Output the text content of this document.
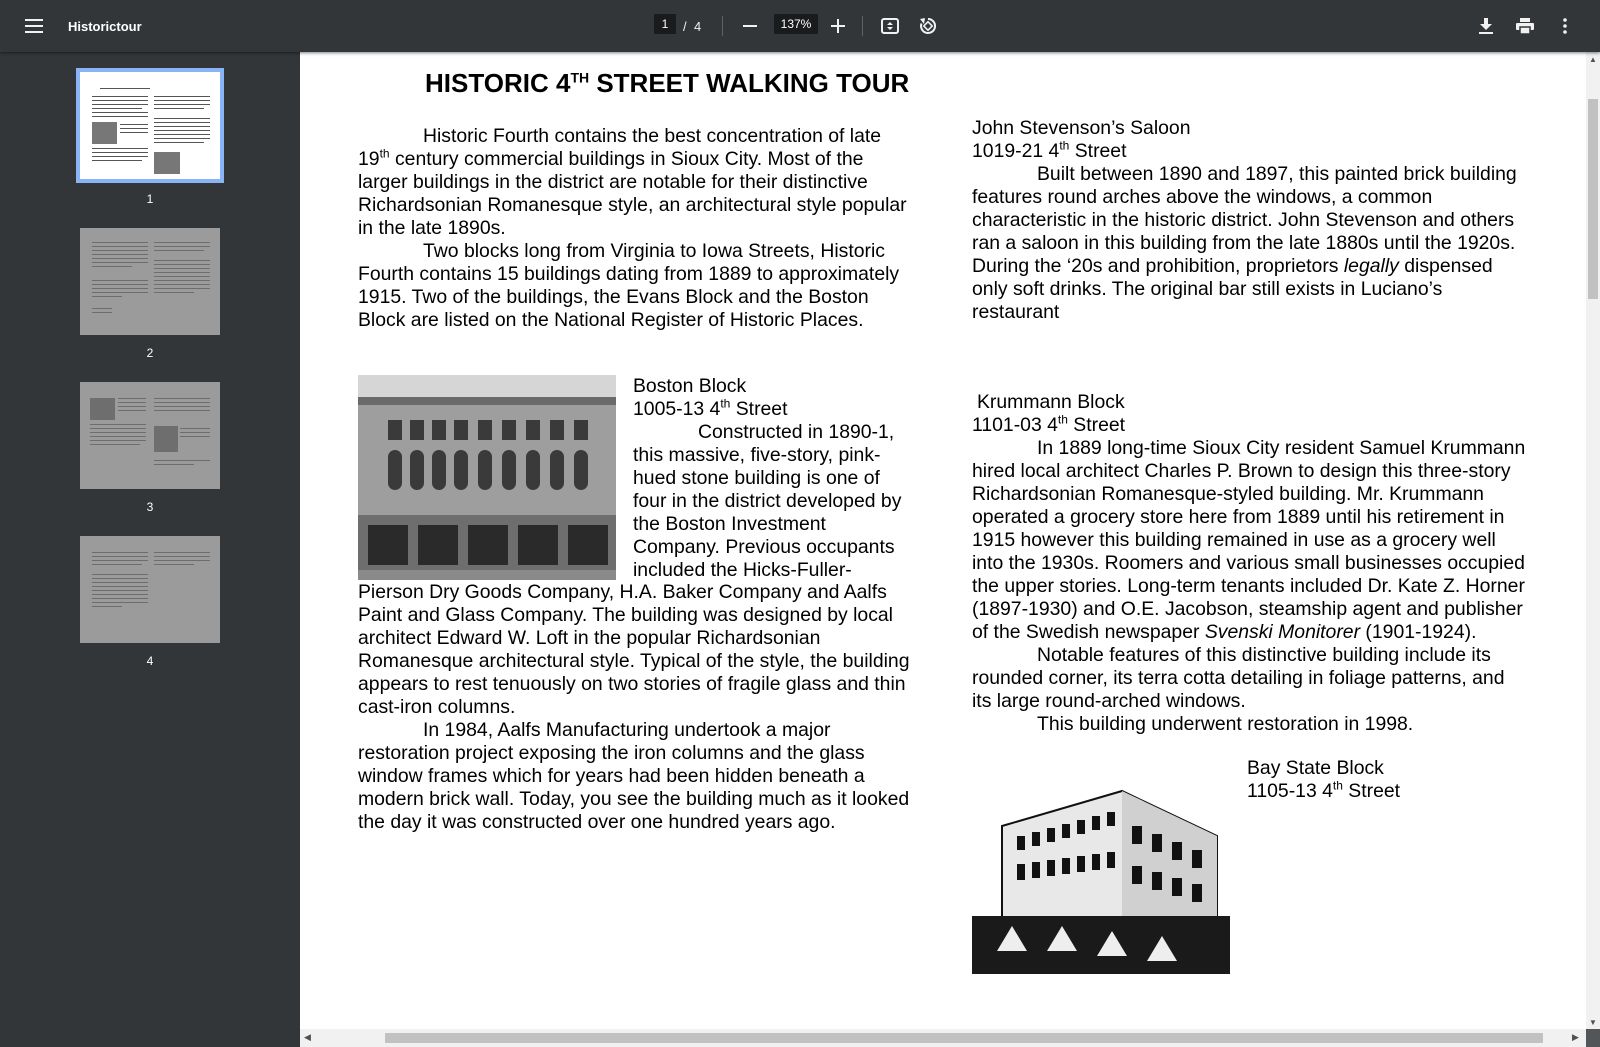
Historictour	1	/ 4	137%
1
2
3
4
HISTORIC 4TH STREET WALKING TOUR

Historic Fourth contains the best concentration of late 19th century commercial buildings in Sioux City. Most of the larger buildings in the district are notable for their distinctive Richardsonian Romanesque style, an architectural style popular in the late 1890s.

Two blocks long from Virginia to Iowa Streets, Historic Fourth contains 15 buildings dating from 1889 to approximately 1915. Two of the buildings, the Evans Block and the Boston Block are listed on the National Register of Historic Places.

Boston Block

1005-13 4th Street

Constructed in 1890-1, this massive, five-story, pink-hued stone building is one of four in the district developed by the Boston Investment Company. Previous occupants included the Hicks-Fuller-

Pierson Dry Goods Company, H.A. Baker Company and Aalfs Paint and Glass Company. The building was designed by local architect Edward W. Loft in the popular Richardsonian Romanesque architectural style. Typical of the style, the building appears to rest tenuously on two stories of fragile glass and thin cast-iron columns.

In 1984, Aalfs Manufacturing undertook a major restoration project exposing the iron columns and the glass window frames which for years had been hidden beneath a modern brick wall. Today, you see the building much as it looked the day it was constructed over one hundred years ago.

John Stevenson’s Saloon

1019-21 4th Street

Built between 1890 and 1897, this painted brick building features round arches above the windows, a common characteristic in the historic district. John Stevenson and others ran a saloon in this building from the late 1880s until the 1920s. During the ‘20s and prohibition, proprietors legally dispensed only soft drinks. The original bar still exists in Luciano’s restaurant

Krummann Block

1101-03 4th Street

In 1889 long-time Sioux City resident Samuel Krummann hired local architect Charles P. Brown to design this three-story Richardsonian Romanesque-styled building. Mr. Krummann operated a grocery store here from 1889 until his retirement in 1915 however this building remained in use as a grocery well into the 1930s. Roomers and various small businesses occupied the upper stories. Long-term tenants included Dr. Kate Z. Horner (1897-1930) and O.E. Jacobson, steamship agent and publisher of the Swedish newspaper Svenski Monitorer (1901-1924).

Notable features of this distinctive building include its rounded corner, its terra cotta detailing in foliage patterns, and its large round-arched windows.

This building underwent restoration in 1998.

Bay State Block

1105-13 4th Street

▲
▼
◀	▶
